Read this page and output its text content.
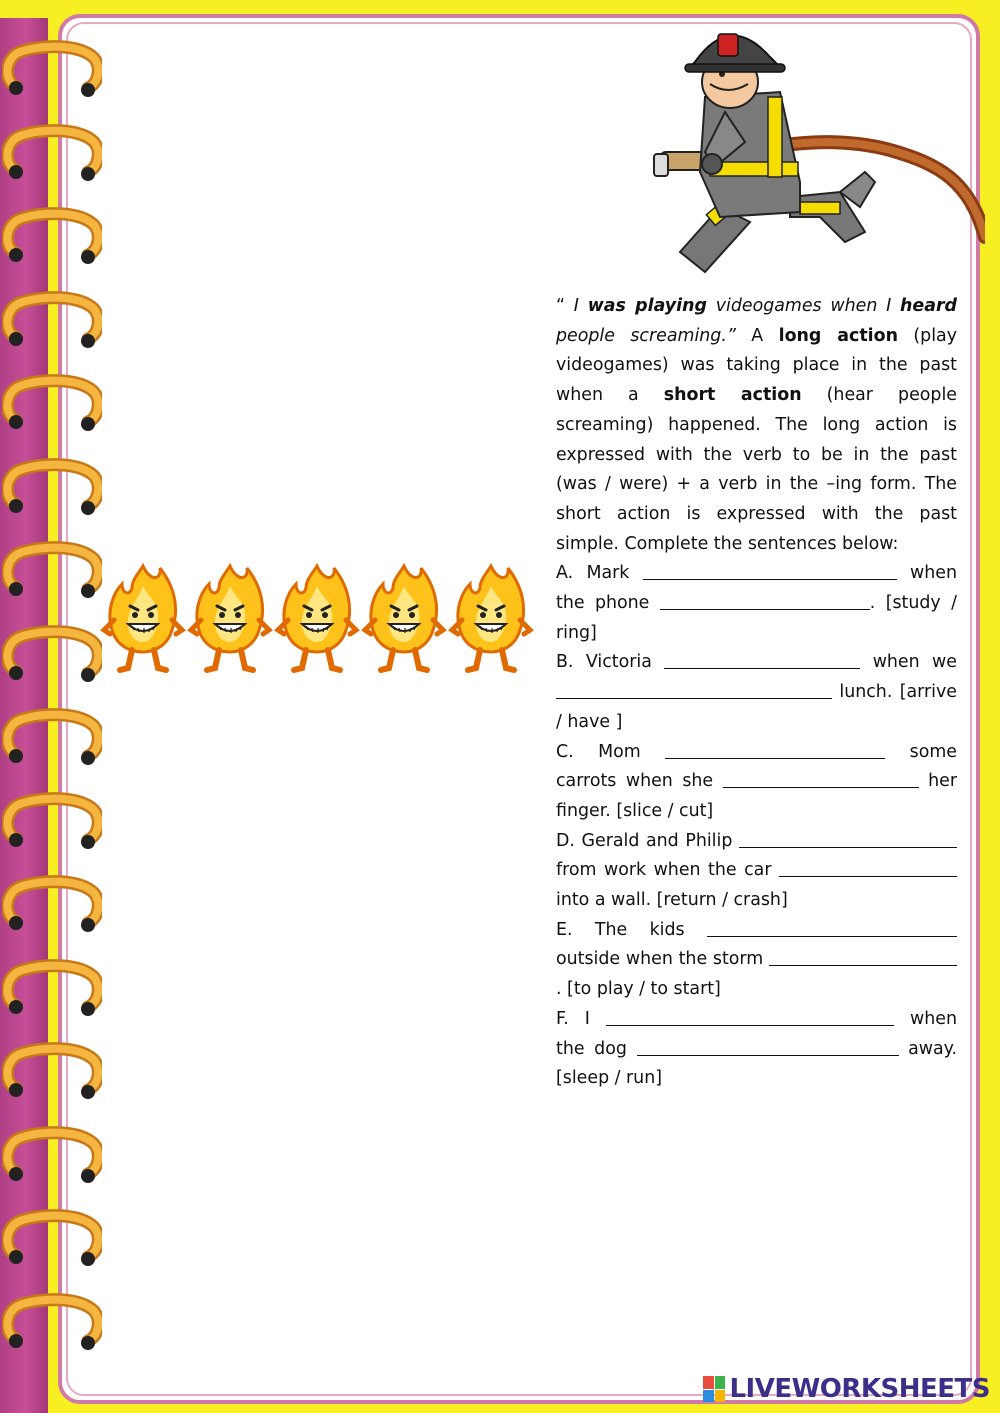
“ I was playing videogames when I heard people screaming.” A long action (play videogames) was taking place in the past when a short action (hear people screaming) happened. The long action is expressed with the verb to be in the past (was / were) + a verb in the –ing form. The short action is expressed with the past simple. Complete the sentences below:

A. Mark	when the phone	. [study / ring]

B. Victoria	when we  lunch. [arrive / have ]

C. Mom	some carrots when she	her finger. [slice / cut]

D. Gerald and Philip  from work when the car  into a wall. [return / crash]

E. The kids  outside when the storm . [to play / to start]

F. I	when the dog	away. [sleep / run]

LIVEWORKSHEETS
